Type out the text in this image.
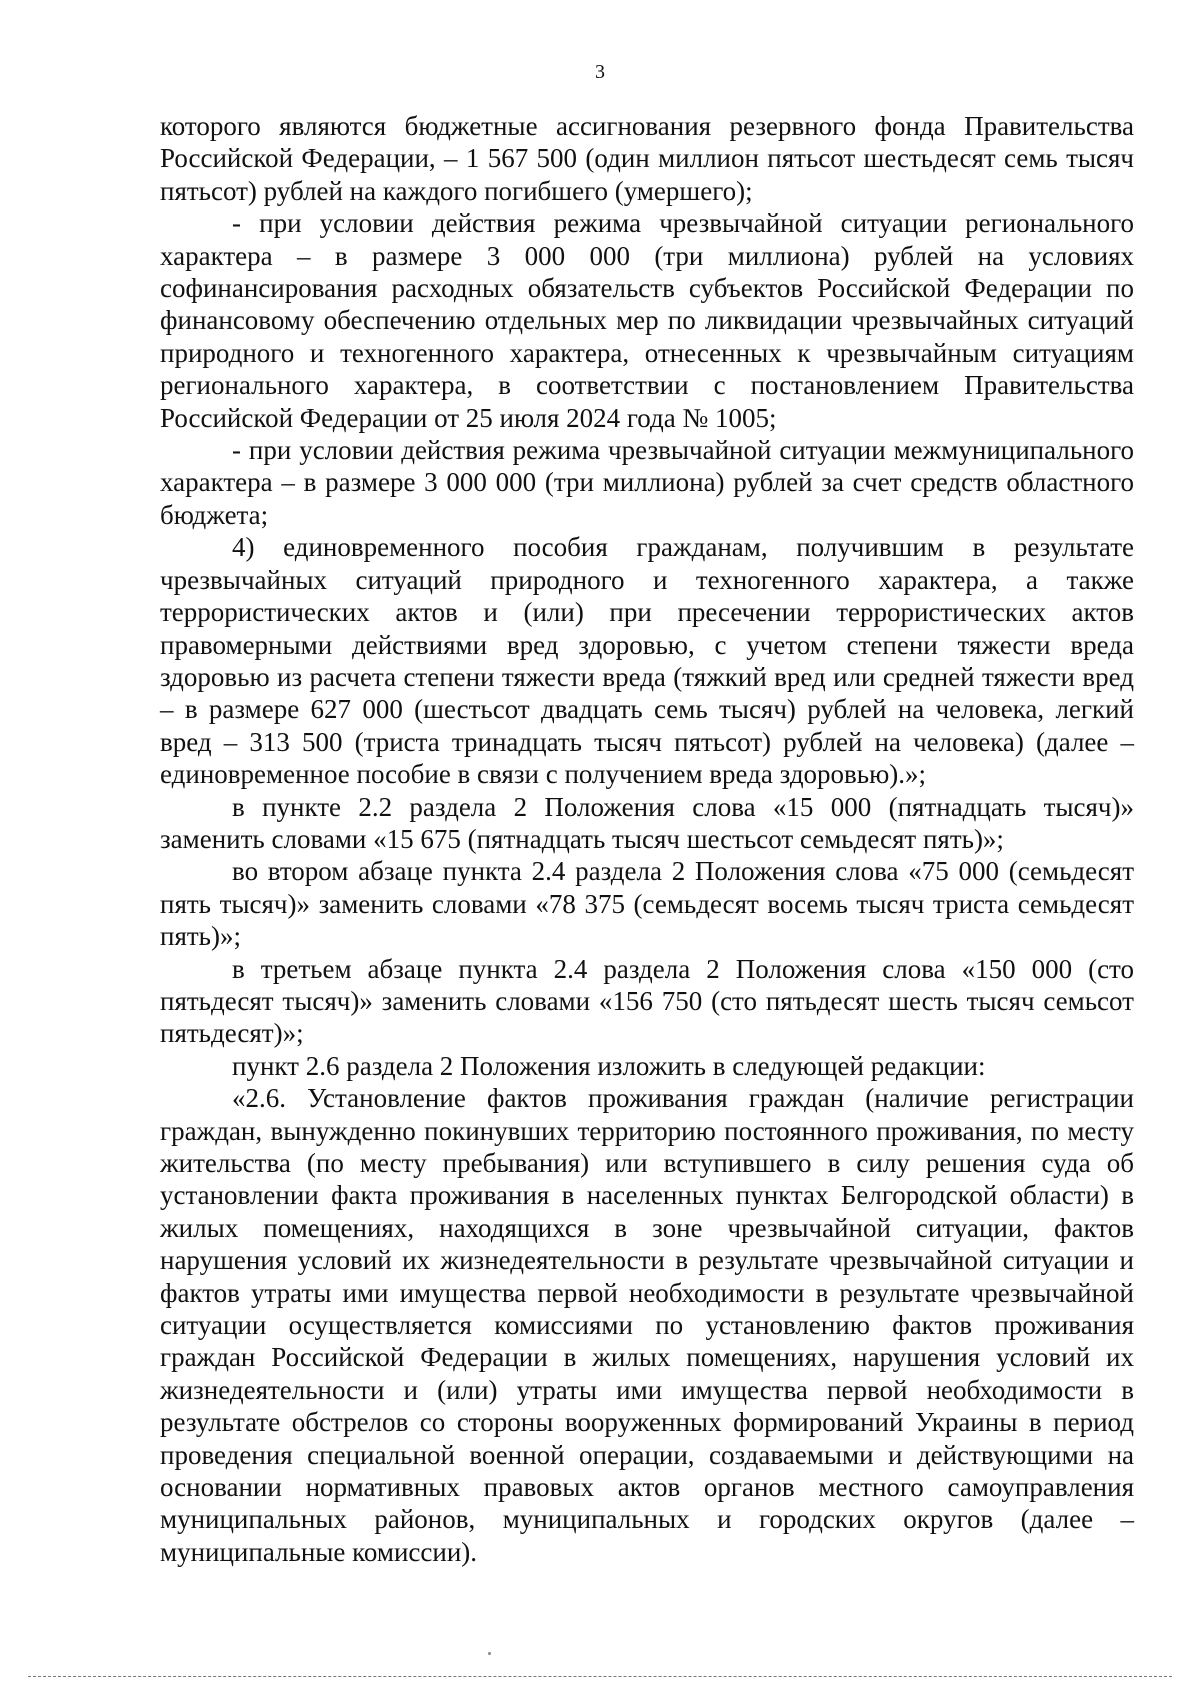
3

которого являются бюджетные ассигнования резервного фонда Правительства Российской Федерации, – 1 567 500 (один миллион пятьсот шестьдесят семь тысяч пятьсот) рублей на каждого погибшего (умершего);

- при условии действия режима чрезвычайной ситуации регионального характера – в размере 3 000 000 (три миллиона) рублей на условиях софинансирования расходных обязательств субъектов Российской Федерации по финансовому обеспечению отдельных мер по ликвидации чрезвычайных ситуаций природного и техногенного характера, отнесенных к чрезвычайным ситуациям регионального характера, в соответствии с постановлением Правительства Российской Федерации от 25 июля 2024 года № 1005;

- при условии действия режима чрезвычайной ситуации межмуниципального характера – в размере 3 000 000 (три миллиона) рублей за счет средств областного бюджета;

4) единовременного пособия гражданам, получившим в результате чрезвычайных ситуаций природного и техногенного характера, а также террористических актов и (или) при пресечении террористических актов правомерными действиями вред здоровью, с учетом степени тяжести вреда здоровью из расчета степени тяжести вреда (тяжкий вред или средней тяжести вред – в размере 627 000 (шестьсот двадцать семь тысяч) рублей на человека, легкий вред – 313 500 (триста тринадцать тысяч пятьсот) рублей на человека) (далее – единовременное пособие в связи с получением вреда здоровью).»;

в пункте 2.2 раздела 2 Положения слова «15 000 (пятнадцать тысяч)» заменить словами «15 675 (пятнадцать тысяч шестьсот семьдесят пять)»;

во втором абзаце пункта 2.4 раздела 2 Положения слова «75 000 (семьдесят пять тысяч)» заменить словами «78 375 (семьдесят восемь тысяч триста семьдесят пять)»;

в третьем абзаце пункта 2.4 раздела 2 Положения слова «150 000 (сто пятьдесят тысяч)» заменить словами «156 750 (сто пятьдесят шесть тысяч семьсот пятьдесят)»;

пункт 2.6 раздела 2 Положения изложить в следующей редакции:

«2.6. Установление фактов проживания граждан (наличие регистрации граждан, вынужденно покинувших территорию постоянного проживания, по месту жительства (по месту пребывания) или вступившего в силу решения суда об установлении факта проживания в населенных пунктах Белгородской области) в жилых помещениях, находящихся в зоне чрезвычайной ситуации, фактов нарушения условий их жизнедеятельности в результате чрезвычайной ситуации и фактов утраты ими имущества первой необходимости в результате чрезвычайной ситуации осуществляется комиссиями по установлению фактов проживания граждан Российской Федерации в жилых помещениях, нарушения условий их жизнедеятельности и (или) утраты ими имущества первой необходимости в результате обстрелов со стороны вооруженных формирований Украины в период проведения специальной военной операции, создаваемыми и действующими на основании нормативных правовых актов органов местного самоуправления муниципальных районов, муниципальных и городских округов (далее – муниципальные комиссии).
